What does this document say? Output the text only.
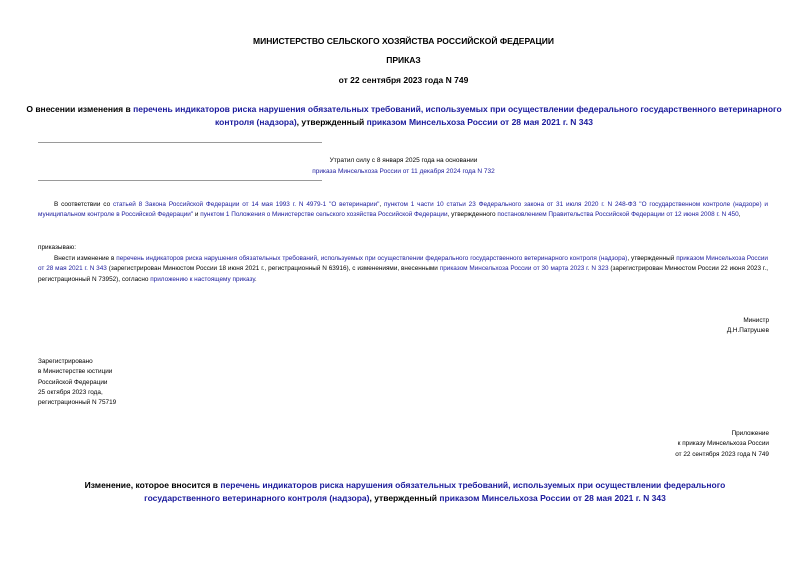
МИНИСТЕРСТВО СЕЛЬСКОГО ХОЗЯЙСТВА РОССИЙСКОЙ ФЕДЕРАЦИИ
ПРИКАЗ
от 22 сентября 2023 года N 749
О внесении изменения в перечень индикаторов риска нарушения обязательных требований, используемых при осуществлении федерального государственного ветеринарного контроля (надзора), утвержденный приказом Минсельхоза России от 28 мая 2021 г. N 343
Утратил силу с 8 января 2025 года на основании
приказа Минсельхоза России от 11 декабря 2024 года N 732
В соответствии со статьей 8 Закона Российской Федерации от 14 мая 1993 г. N 4979-1 "О ветеринарии", пунктом 1 части 10 статьи 23 Федерального закона от 31 июля 2020 г. N 248-ФЗ "О государственном контроле (надзоре) и муниципальном контроле в Российской Федерации" и пунктом 1 Положения о Министерстве сельского хозяйства Российской Федерации, утвержденного постановлением Правительства Российской Федерации от 12 июня 2008 г. N 450,
приказываю:
Внести изменение в перечень индикаторов риска нарушения обязательных требований, используемых при осуществлении федерального государственного ветеринарного контроля (надзора), утвержденный приказом Минсельхоза России от 28 мая 2021 г. N 343 (зарегистрирован Минюстом России 18 июня 2021 г., регистрационный N 63916), с изменениями, внесенными приказом Минсельхоза России от 30 марта 2023 г. N 323 (зарегистрирован Минюстом России 22 июня 2023 г., регистрационный N 73952), согласно приложению к настоящему приказу.
Министр
Д.Н.Патрушев
Зарегистрировано
в Министерстве юстиции
Российской Федерации
25 октября 2023 года,
регистрационный N 75719
Приложение
к приказу Минсельхоза России
от 22 сентября 2023 года N 749
Изменение, которое вносится в перечень индикаторов риска нарушения обязательных требований, используемых при осуществлении федерального государственного ветеринарного контроля (надзора), утвержденный приказом Минсельхоза России от 28 мая 2021 г. N 343
